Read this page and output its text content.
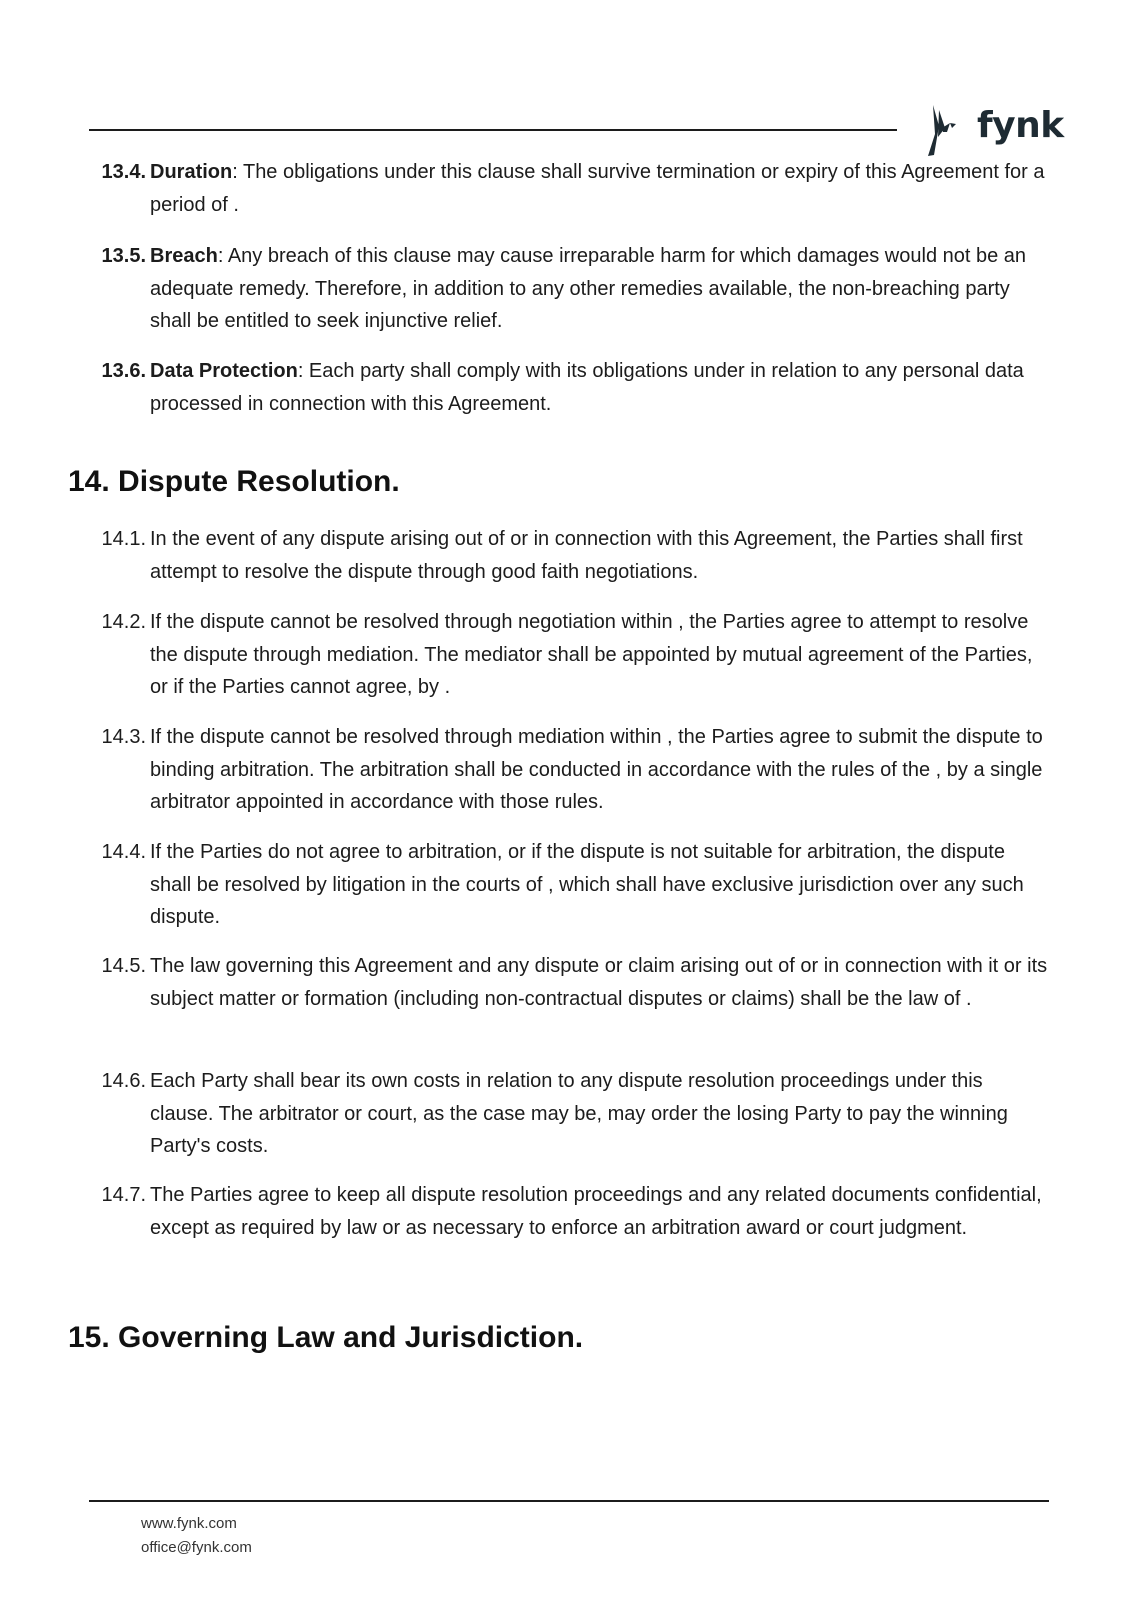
fynk
13.4. Duration: The obligations under this clause shall survive termination or expiry of this Agreement for a period of .
13.5. Breach: Any breach of this clause may cause irreparable harm for which damages would not be an adequate remedy. Therefore, in addition to any other remedies available, the non-breaching party shall be entitled to seek injunctive relief.
13.6. Data Protection: Each party shall comply with its obligations under in relation to any personal data processed in connection with this Agreement.
14. Dispute Resolution.
14.1. In the event of any dispute arising out of or in connection with this Agreement, the Parties shall first attempt to resolve the dispute through good faith negotiations.
14.2. If the dispute cannot be resolved through negotiation within , the Parties agree to attempt to resolve the dispute through mediation. The mediator shall be appointed by mutual agreement of the Parties, or if the Parties cannot agree, by .
14.3. If the dispute cannot be resolved through mediation within , the Parties agree to submit the dispute to binding arbitration. The arbitration shall be conducted in accordance with the rules of the , by a single arbitrator appointed in accordance with those rules.
14.4. If the Parties do not agree to arbitration, or if the dispute is not suitable for arbitration, the dispute shall be resolved by litigation in the courts of , which shall have exclusive jurisdiction over any such dispute.
14.5. The law governing this Agreement and any dispute or claim arising out of or in connection with it or its subject matter or formation (including non-contractual disputes or claims) shall be the law of .
14.6. Each Party shall bear its own costs in relation to any dispute resolution proceedings under this clause. The arbitrator or court, as the case may be, may order the losing Party to pay the winning Party's costs.
14.7. The Parties agree to keep all dispute resolution proceedings and any related documents confidential, except as required by law or as necessary to enforce an arbitration award or court judgment.
15. Governing Law and Jurisdiction.
www.fynk.com
office@fynk.com
